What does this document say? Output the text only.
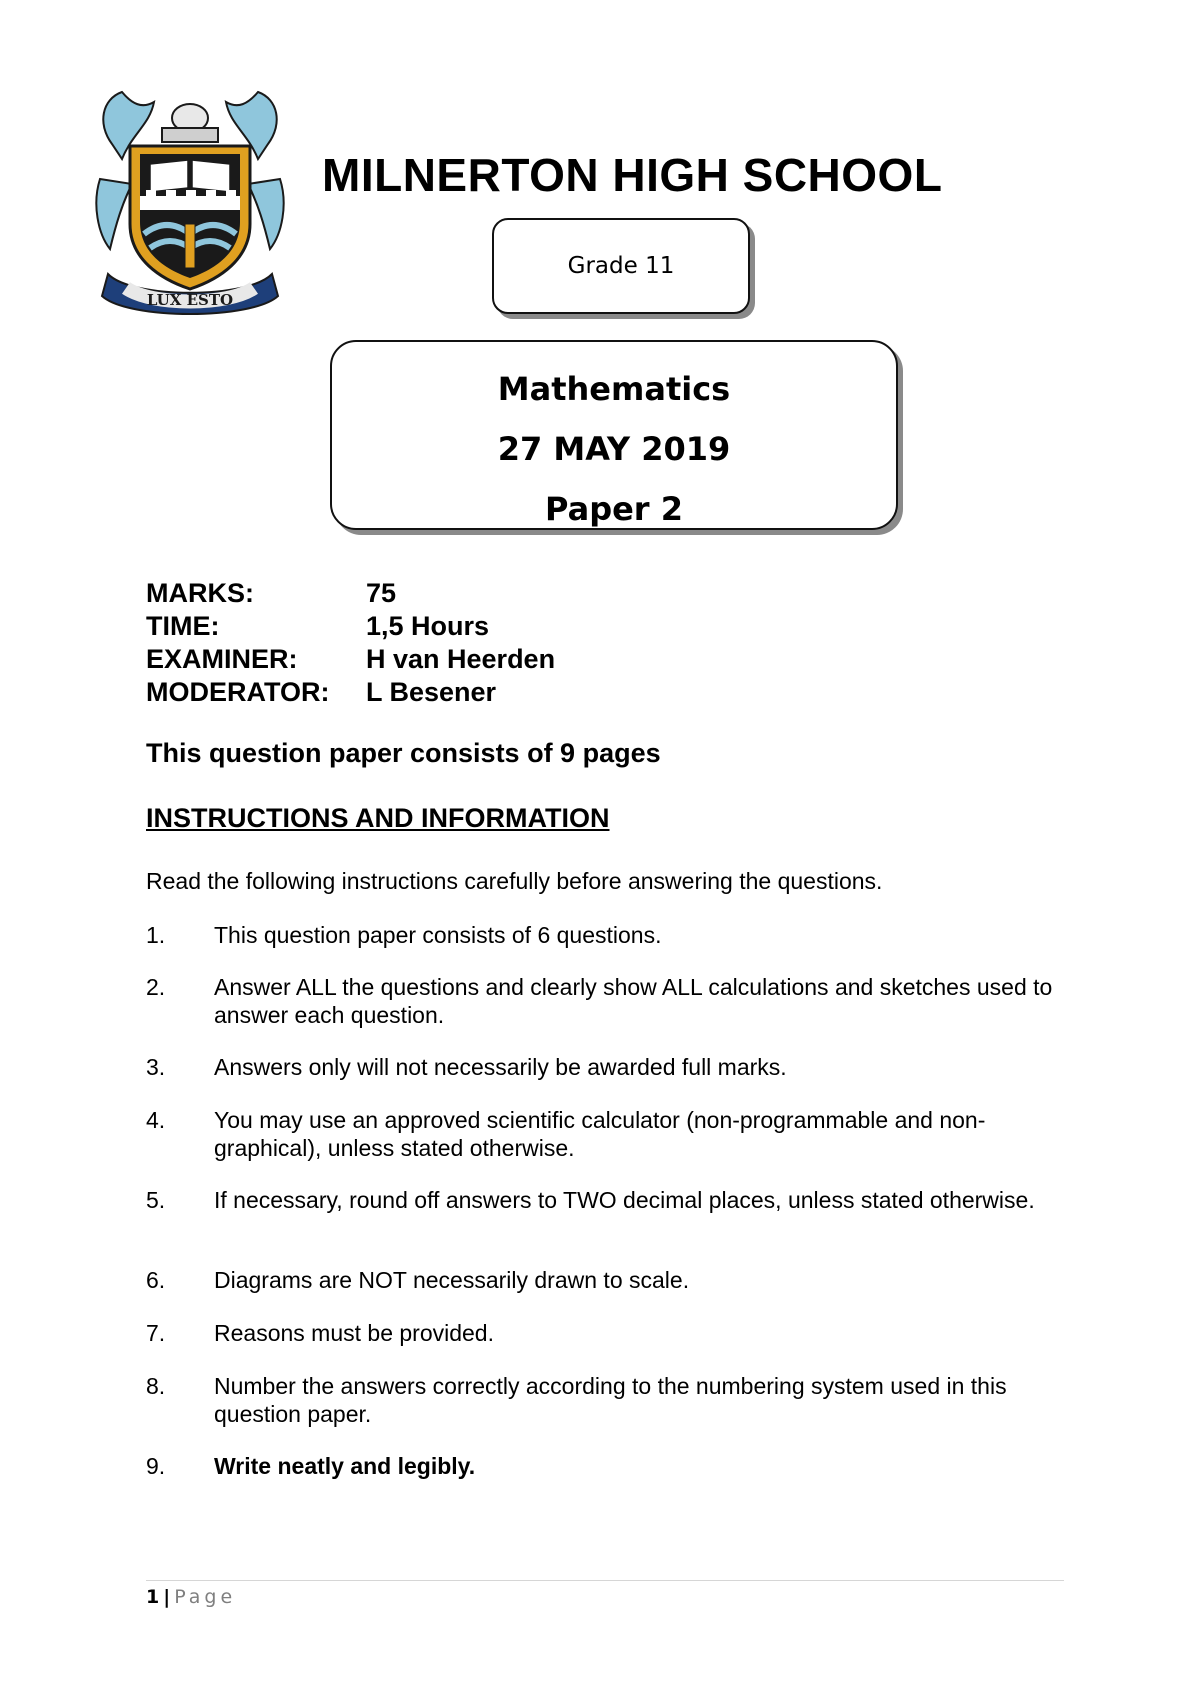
LUX ESTO
MILNERTON HIGH SCHOOL
Grade 11
Mathematics
27 MAY 2019
Paper 2
MARKS:	75
TIME:	1,5 Hours
EXAMINER:	H van Heerden
MODERATOR: L Besener
This question paper consists of 9 pages
INSTRUCTIONS AND INFORMATION
Read the following instructions carefully before answering the questions.
1. This question paper consists of 6 questions.
2. Answer ALL the questions and clearly show ALL calculations and sketches used to answer each question.
3. Answers only will not necessarily be awarded full marks.
4. You may use an approved scientific calculator (non-programmable and non-graphical), unless stated otherwise.
5. If necessary, round off answers to TWO decimal places, unless stated otherwise.
6. Diagrams are NOT necessarily drawn to scale.
7. Reasons must be provided.
8. Number the answers correctly according to the numbering system used in this question paper.
9. Write neatly and legibly.
1 | Page
